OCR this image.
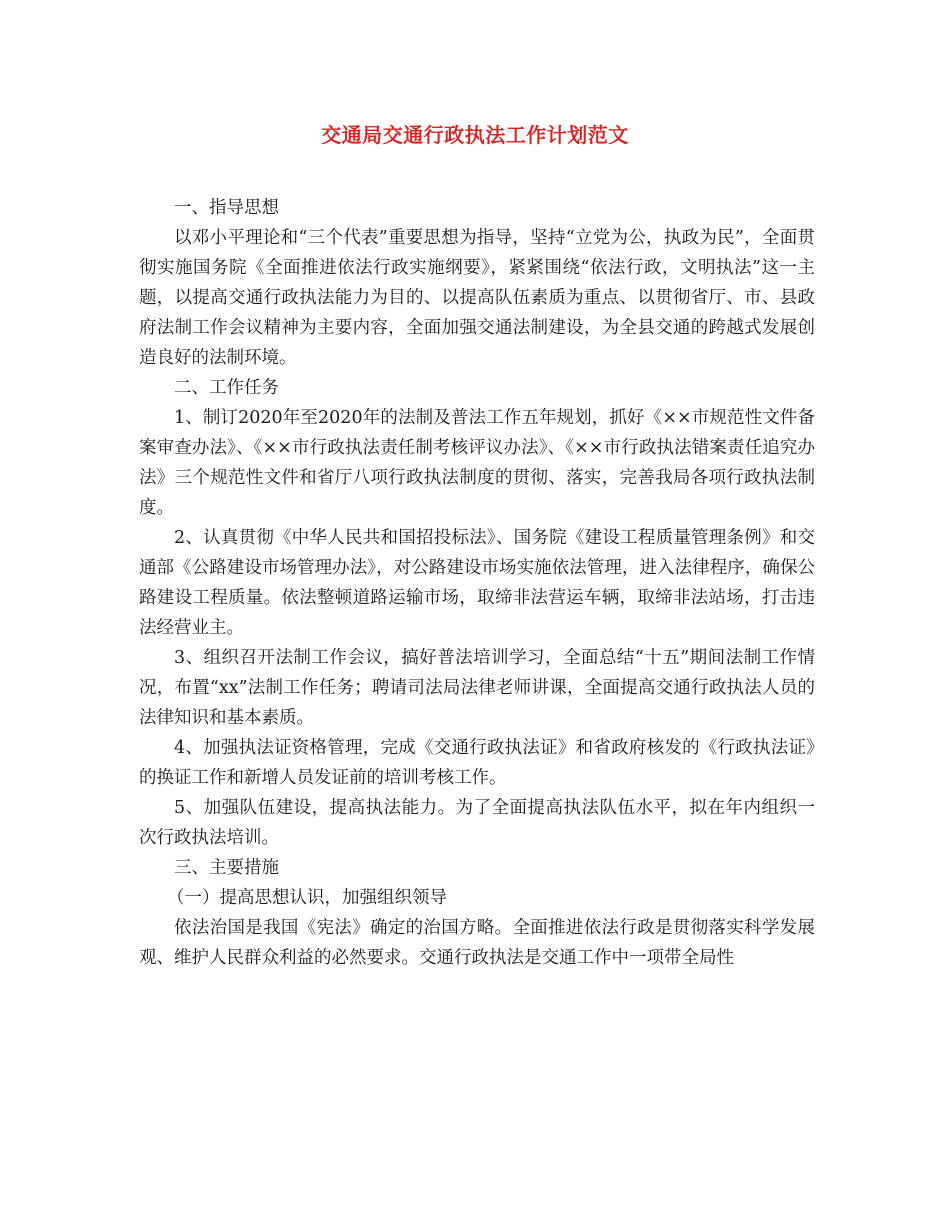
交通局交通行政执法工作计划范文

一、指导思想

以邓小平理论和“三个代表”重要思想为指导，坚持“立党为公，执政为民”，全面贯彻实施国务院《全面推进依法行政实施纲要》，紧紧围绕“依法行政，文明执法”这一主题，以提高交通行政执法能力为目的、以提高队伍素质为重点、以贯彻省厅、市、县政府法制工作会议精神为主要内容，全面加强交通法制建设，为全县交通的跨越式发展创造良好的法制环境。

二、工作任务

1、制订2020年至2020年的法制及普法工作五年规划，抓好《××市规范性文件备案审查办法》、《××市行政执法责任制考核评议办法》、《××市行政执法错案责任追究办法》三个规范性文件和省厅八项行政执法制度的贯彻、落实，完善我局各项行政执法制度。

2、认真贯彻《中华人民共和国招投标法》、国务院《建设工程质量管理条例》和交通部《公路建设市场管理办法》，对公路建设市场实施依法管理，进入法律程序，确保公路建设工程质量。依法整顿道路运输市场，取缔非法营运车辆，取缔非法站场，打击违法经营业主。

3、组织召开法制工作会议，搞好普法培训学习，全面总结“十五”期间法制工作情况，布置“xx”法制工作任务；聘请司法局法律老师讲课，全面提高交通行政执法人员的法律知识和基本素质。

4、加强执法证资格管理，完成《交通行政执法证》和省政府核发的《行政执法证》的换证工作和新增人员发证前的培训考核工作。

5、加强队伍建设，提高执法能力。为了全面提高执法队伍水平，拟在年内组织一次行政执法培训。

三、主要措施

（一）提高思想认识，加强组织领导

依法治国是我国《宪法》确定的治国方略。全面推进依法行政是贯彻落实科学发展观、维护人民群众利益的必然要求。交通行政执法是交通工作中一项带全局性
